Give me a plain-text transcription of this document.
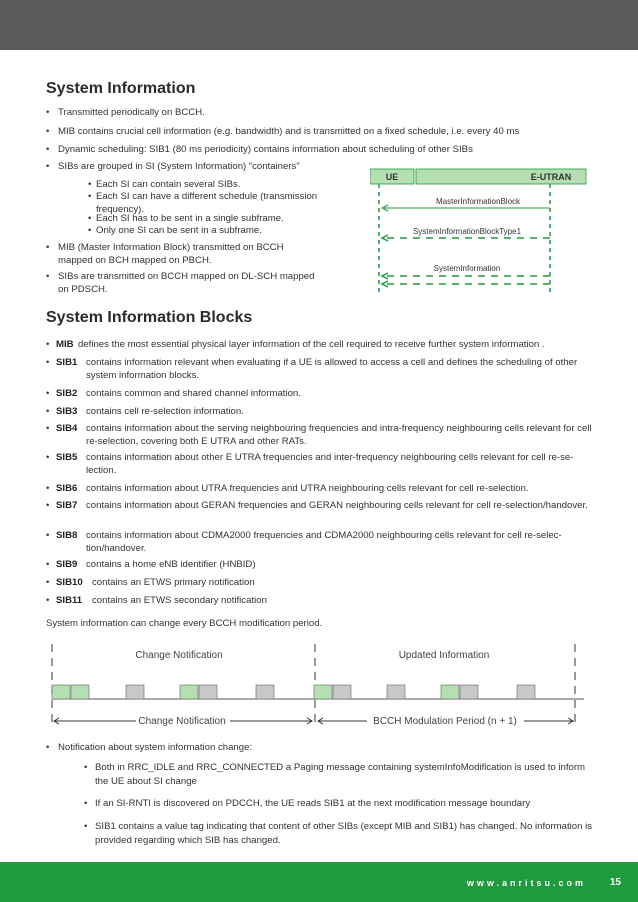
System Information
• Transmitted periodically on BCCH.
• MIB contains crucial cell information (e.g. bandwidth) and is transmitted on a fixed schedule, i.e. every 40 ms
• Dynamic scheduling: SIB1 (80 ms periodicity) contains information about scheduling of other SIBs
• SIBs are grouped in SI (System Information) “containers”
• Each SI can contain several SIBs.
• Each SI can have a different schedule (transmission frequency).
• Each SI has to be sent in a single subframe.
• Only one SI can be sent in a subframe.
• MIB (Master Information Block) transmitted on BCCH mapped on BCH mapped on PBCH.
• SIBs are transmitted on BCCH mapped on DL-SCH mapped on PDSCH.
UE	E-UTRAN
MasterInformationBlock
SystemInformationBlockType1
SystemInformation
System Information Blocks
• MIB defines the most essential physical layer information of the cell required to receive further system information .
• SIB1 contains information relevant when evaluating if a UE is allowed to access a cell and defines the scheduling of other system information blocks.
• SIB2 contains common and shared channel information.
• SIB3 contains cell re-selection information.
• SIB4 contains information about the serving neighbouring frequencies and intra-frequency neighbouring cells relevant for cell re-selection, covering both E UTRA and other RATs.
• SIB5 contains information about other E UTRA frequencies and inter-frequency neighbouring cells relevant for cell re-se-lection.
• SIB6 contains information about UTRA frequencies and UTRA neighbouring cells relevant for cell re-selection.
• SIB7 contains information about GERAN frequencies and GERAN neighbouring cells relevant for cell re-selection/handover.
• SIB8 contains information about CDMA2000 frequencies and CDMA2000 neighbouring cells relevant for cell re-selec-tion/handover.
• SIB9 contains a home eNB identifier (HNBID)
• SIB10 contains an ETWS primary notification
• SIB11	contains an ETWS secondary notification
System information can change every BCCH modification period.
Change Notification	Updated Information
Change Notification	BCCH Modulation Period (n + 1)
• Notification about system information change:
• Both in RRC_IDLE and RRC_CONNECTED a Paging message containing systemInfoModification is used to inform the UE about SI change
• If an SI-RNTI is discovered on PDCCH, the UE reads SIB1 at the next modification message boundary
• SIB1 contains a value tag indicating that content of other SIBs (except MIB and SIB1) has changed. No information is provided regarding which SIB has changed.
www.anritsu.com 15
